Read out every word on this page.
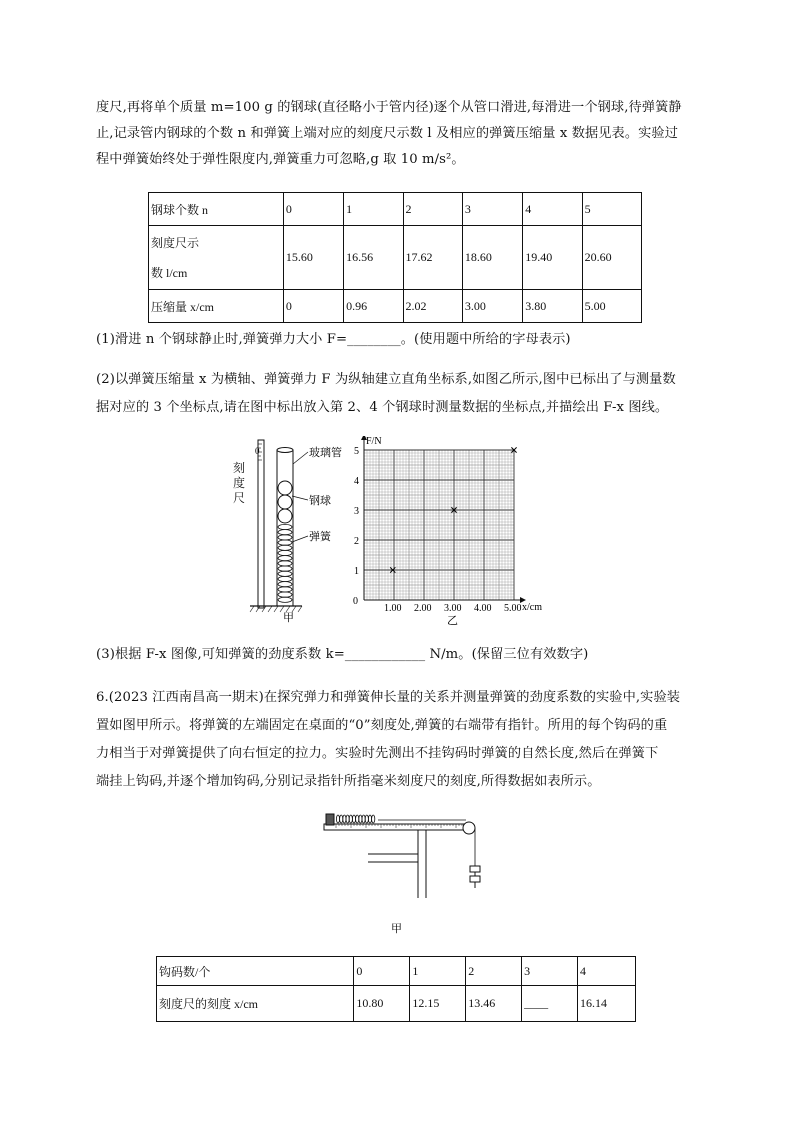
度尺,再将单个质量 m=100 g 的钢球(直径略小于管内径)逐个从管口滑进,每滑进一个钢球,待弹簧静
止,记录管内钢球的个数 n 和弹簧上端对应的刻度尺示数 l 及相应的弹簧压缩量 x 数据见表。实验过
程中弹簧始终处于弹性限度内,弹簧重力可忽略,g 取 10 m/s²。
钢球个数 n	0	1	2	3	4	5
刻度尺示
数 l/cm	15.60	16.56	17.62	18.60	19.40	20.60
压缩量 x/cm	0	0.96	2.02	3.00	3.80	5.00
(1)滑进 n 个钢球静止时,弹簧弹力大小 F=________。(使用题中所给的字母表示)
(2)以弹簧压缩量 x 为横轴、弹簧弹力 F 为纵轴建立直角坐标系,如图乙所示,图中已标出了与测量数
据对应的 3 个坐标点,请在图中标出放入第 2、4 个钢球时测量数据的坐标点,并描绘出 F-x 图线。
0	玻璃管
钢球
弹簧
甲
刻
度
尺
F/N
x/cm
0
1.00 2.00 3.00 4.00 5.00
1
2
3
4
5
乙
(3)根据 F-x 图像,可知弹簧的劲度系数 k=____________ N/m。(保留三位有效数字)
6.(2023 江西南昌高一期末)在探究弹力和弹簧伸长量的关系并测量弹簧的劲度系数的实验中,实验装
置如图甲所示。将弹簧的左端固定在桌面的“0”刻度处,弹簧的右端带有指针。所用的每个钩码的重
力相当于对弹簧提供了向右恒定的拉力。实验时先测出不挂钩码时弹簧的自然长度,然后在弹簧下
端挂上钩码,并逐个增加钩码,分别记录指针所指毫米刻度尺的刻度,所得数据如表所示。
甲
钩码数/个	0	1	2	3	4
刻度尺的刻度 x/cm	10.80	12.15	13.46	____	16.14
